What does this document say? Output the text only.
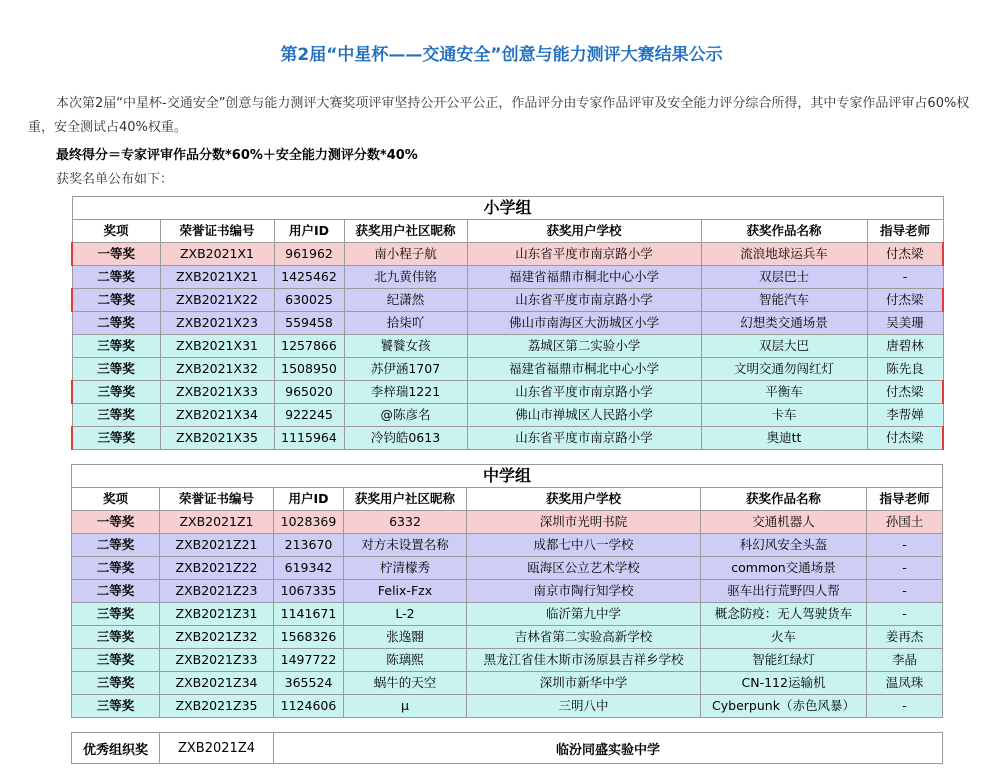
第2届“中星杯——交通安全”创意与能力测评大赛结果公示
本次第2届“中星杯-交通安全”创意与能力测评大赛奖项评审坚持公开公平公正，作品评分由专家作品评审及安全能力评分综合所得，其中专家作品评审占60%权重，安全测试占40%权重。
最终得分＝专家评审作品分数*60%＋安全能力测评分数*40%
获奖名单公布如下：
小学组						
奖项	荣誉证书编号	用户ID	获奖用户社区昵称	获奖用户学校	获奖作品名称	指导老师
一等奖	ZXB2021X1	961962	南小程子航	山东省平度市南京路小学	流浪地球运兵车	付杰梁
二等奖	ZXB2021X21	1425462	北九黄伟铭	福建省福鼎市桐北中心小学	双层巴士	-
二等奖	ZXB2021X22	630025	纪潇然	山东省平度市南京路小学	智能汽车	付杰梁
二等奖	ZXB2021X23	559458	拾柒吖	佛山市南海区大沥城区小学	幻想类交通场景	吴美珊
三等奖	ZXB2021X31	1257866	饕餮女孩	荔城区第二实验小学	双层大巴	唐碧林
三等奖	ZXB2021X32	1508950	苏伊涵1707	福建省福鼎市桐北中心小学	文明交通勿闯红灯	陈先良
三等奖	ZXB2021X33	965020	李梓瑞1221	山东省平度市南京路小学	平衡车	付杰梁
三等奖	ZXB2021X34	922245	@陈彦名	佛山市禅城区人民路小学	卡车	李帮婵
三等奖	ZXB2021X35	1115964	冷钧皓0613	山东省平度市南京路小学	奥迪tt	付杰梁
中学组						
奖项	荣誉证书编号	用户ID	获奖用户社区昵称	获奖用户学校	获奖作品名称	指导老师
一等奖	ZXB2021Z1	1028369	6332	深圳市光明书院	交通机器人	孙国土
二等奖	ZXB2021Z21	213670	对方未设置名称	成都七中八一学校	科幻风安全头盔	-
二等奖	ZXB2021Z22	619342	柠清檬秀	瓯海区公立艺术学校	common交通场景	-
二等奖	ZXB2021Z23	1067335	Felix-Fzx	南京市陶行知学校	驱车出行荒野四人帮	-
三等奖	ZXB2021Z31	1141671	L-2	临沂第九中学	概念防疫：无人驾驶货车	-
三等奖	ZXB2021Z32	1568326	张逸翾	吉林省第二实验高新学校	火车	姜再杰
三等奖	ZXB2021Z33	1497722	陈璃熙	黑龙江省佳木斯市汤原县吉祥乡学校	智能红绿灯	李晶
三等奖	ZXB2021Z34	365524	蜗牛的天空	深圳市新华中学	CN-112运输机	温凤珠
三等奖	ZXB2021Z35	1124606	μ	三明八中	Cyberpunk（赤色风暴）	-
优秀组织奖	ZXB2021Z4	临汾同盛实验中学
